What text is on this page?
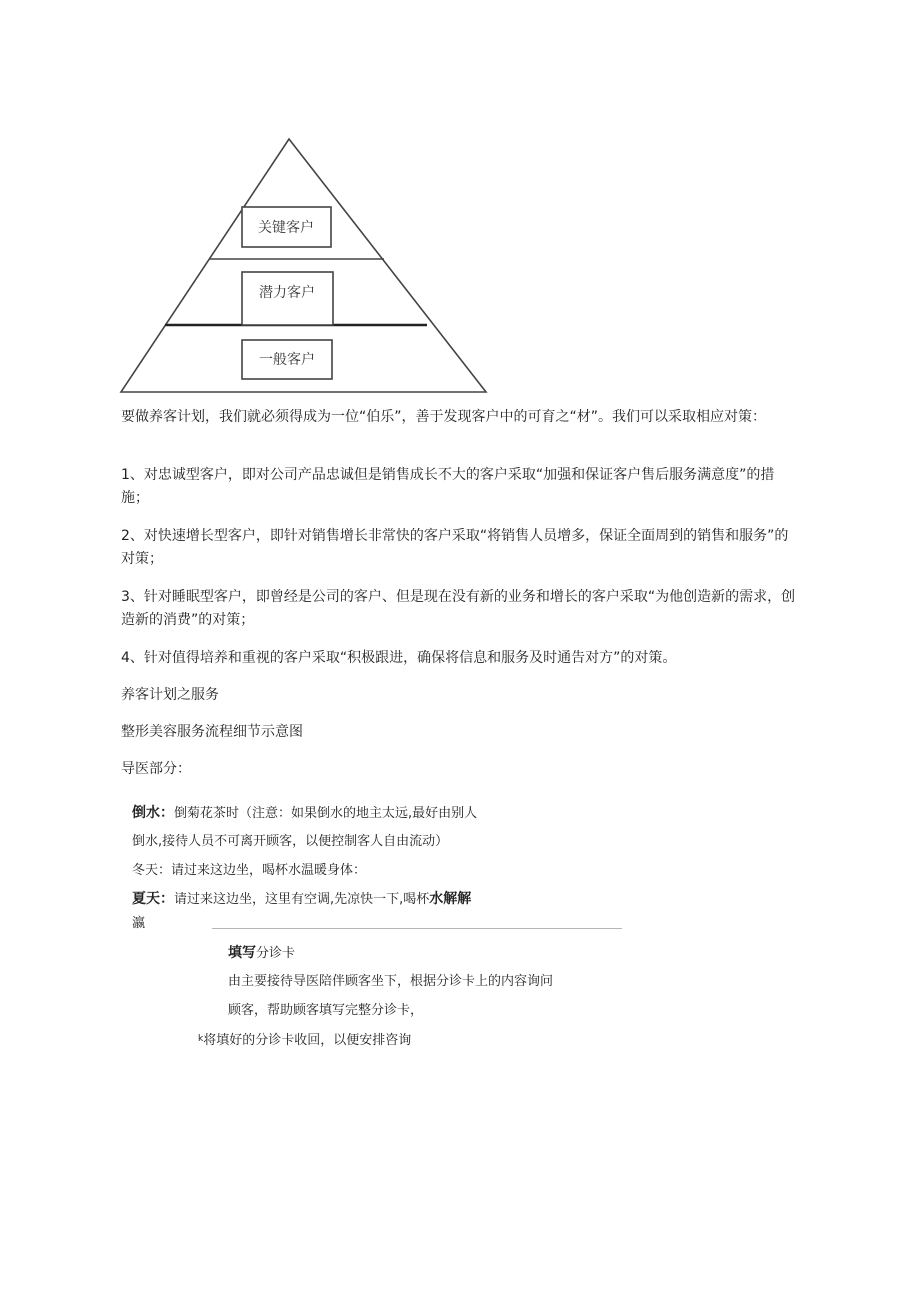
关键客户
潜力客户
一般客户

要做养客计划，我们就必须得成为一位“伯乐”，善于发现客户中的可育之“材”。我们可以采取相应对策：

1、对忠诚型客户，即对公司产品忠诚但是销售成长不大的客户采取“加强和保证客户售后服务满意度”的措施；

2、对快速增长型客户，即针对销售增长非常快的客户采取“将销售人员增多，保证全面周到的销售和服务”的对策；

3、针对睡眠型客户，即曾经是公司的客户、但是现在没有新的业务和增长的客户采取“为他创造新的需求，创造新的消费”的对策；

4、针对值得培养和重视的客户采取“积极跟进，确保将信息和服务及时通告对方”的对策。

养客计划之服务

整形美容服务流程细节示意图

导医部分：

倒水：倒菊花茶时（注意：如果倒水的地主太远,最好由别人
倒水,接待人员不可离开顾客，以便控制客人自由流动）
冬天：请过来这边坐，喝杯水温暖身体：
夏天：请过来这边坐，这里有空调,先凉快一下,喝杯水解解
瀛
填写分诊卡
由主要接待导医陪伴顾客坐下，根据分诊卡上的内容询问
顾客，帮助顾客填写完整分诊卡，
$^k$将填好的分诊卡收回，以便安排咨询
